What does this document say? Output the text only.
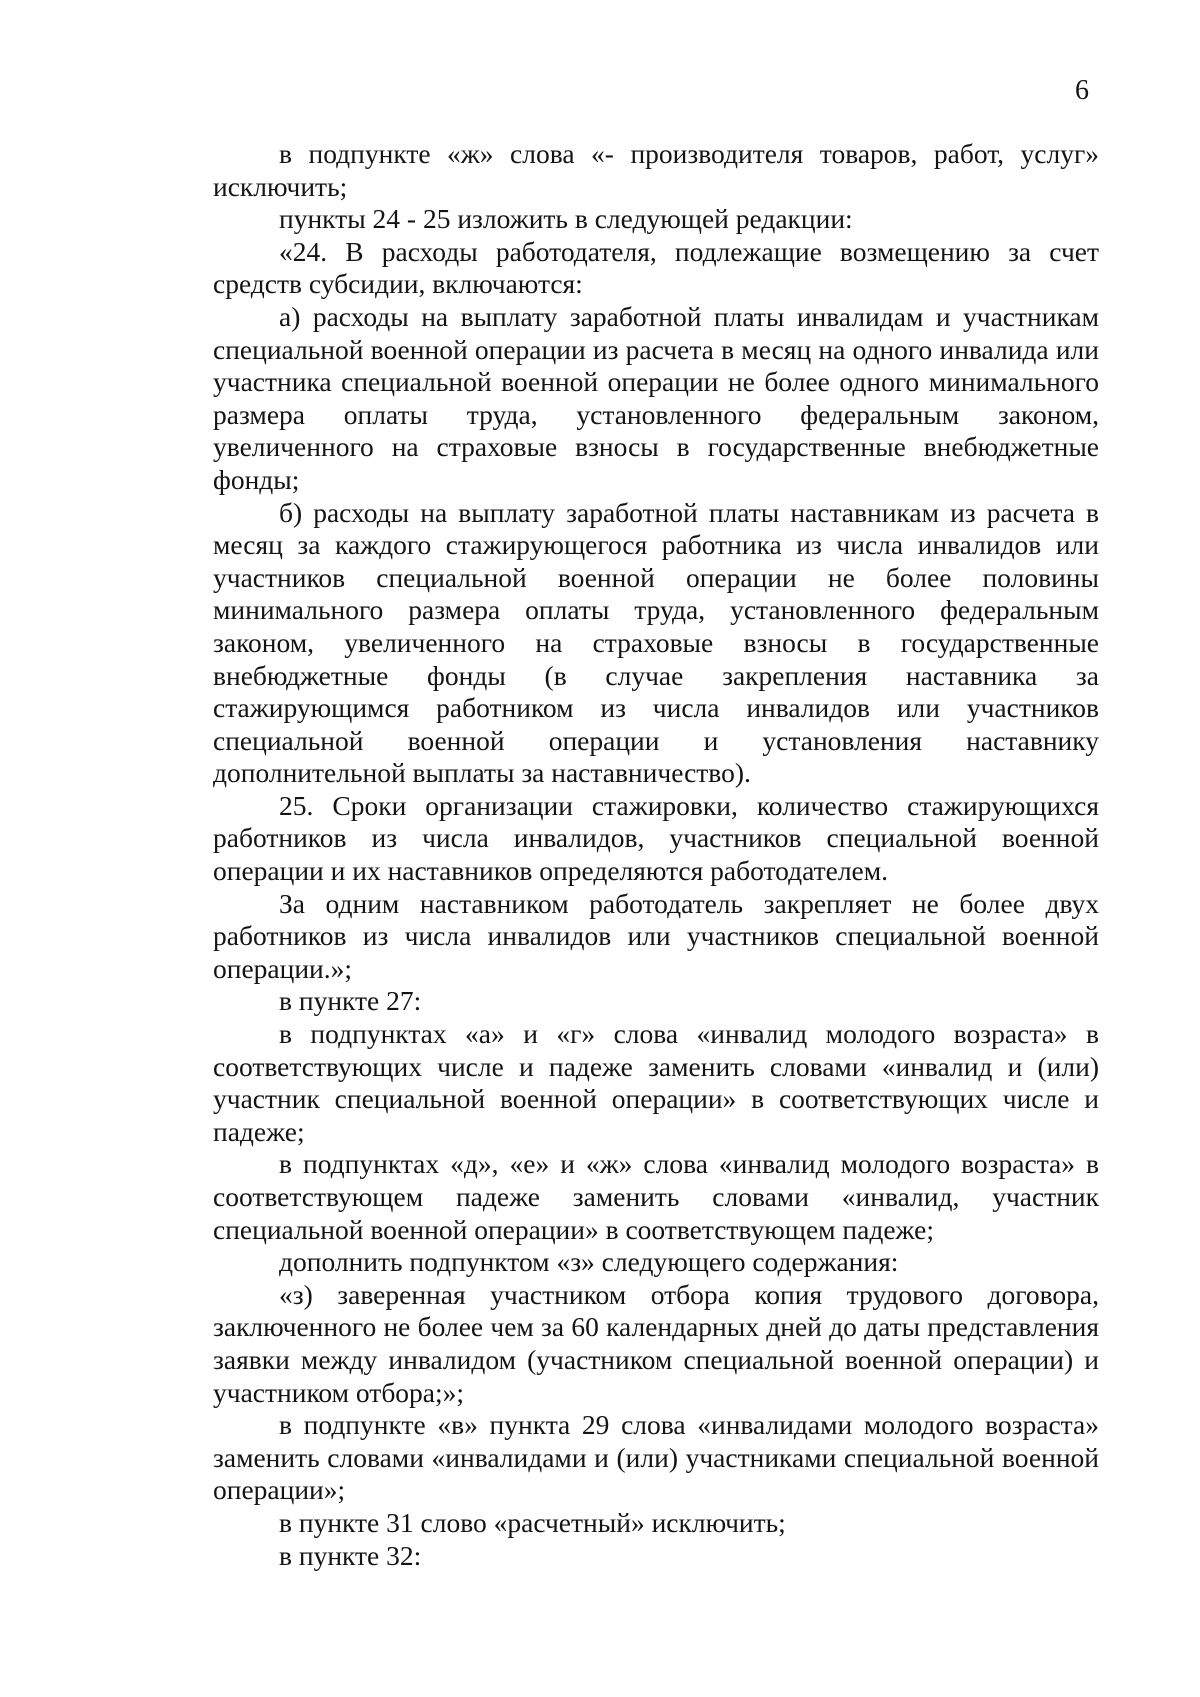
6

в подпункте «ж» слова «- производителя товаров, работ, услуг» исключить;

пункты 24 - 25 изложить в следующей редакции:

«24. В расходы работодателя, подлежащие возмещению за счет средств субсидии, включаются:

а) расходы на выплату заработной платы инвалидам и участникам специальной военной операции из расчета в месяц на одного инвалида или участника специальной военной операции не более одного минимального размера оплаты труда, установленного федеральным законом, увеличенного на страховые взносы в государственные внебюджетные фонды;

б) расходы на выплату заработной платы наставникам из расчета в месяц за каждого стажирующегося работника из числа инвалидов или участников специальной военной операции не более половины минимального размера оплаты труда, установленного федеральным законом, увеличенного на страховые взносы в государственные внебюджетные фонды (в случае закрепления наставника за стажирующимся работником из числа инвалидов или участников специальной военной операции и установления наставнику дополнительной выплаты за наставничество).

25. Сроки организации стажировки, количество стажирующихся работников из числа инвалидов, участников специальной военной операции и их наставников определяются работодателем.

За одним наставником работодатель закрепляет не более двух работников из числа инвалидов или участников специальной военной операции.»;

в пункте 27:

в подпунктах «а» и «г» слова «инвалид молодого возраста» в соответствующих числе и падеже заменить словами «инвалид и (или) участник специальной военной операции» в соответствующих числе и падеже;

в подпунктах «д», «е» и «ж» слова «инвалид молодого возраста» в соответствующем падеже заменить словами «инвалид, участник специальной военной операции» в соответствующем падеже;

дополнить подпунктом «з» следующего содержания:

«з) заверенная участником отбора копия трудового договора, заключенного не более чем за 60 календарных дней до даты представления заявки между инвалидом (участником специальной военной операции) и участником отбора;»;

в подпункте «в» пункта 29 слова «инвалидами молодого возраста» заменить словами «инвалидами и (или) участниками специальной военной операции»;

в пункте 31 слово «расчетный» исключить;

в пункте 32:
